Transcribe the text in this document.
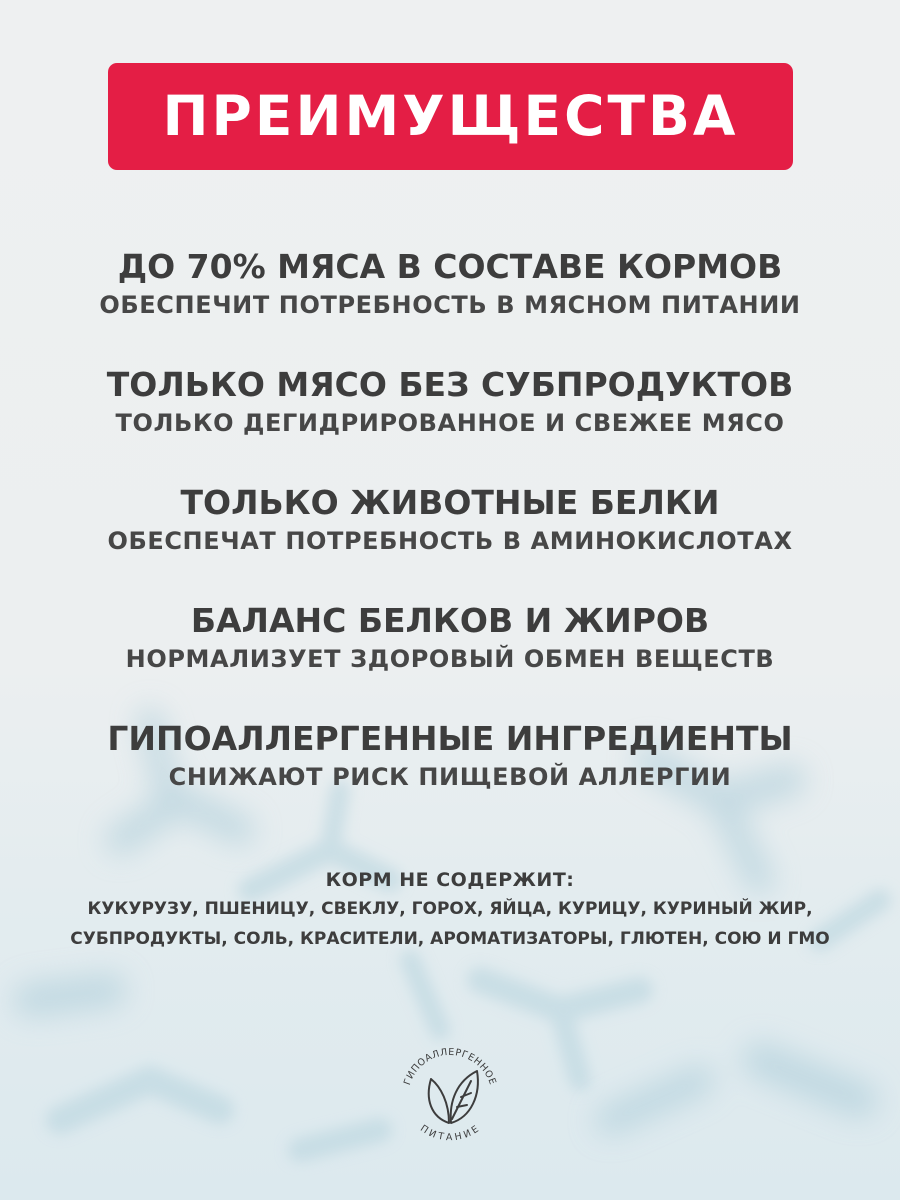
ПРЕИМУЩЕСТВА
ДО 70% МЯСА В СОСТАВЕ КОРМОВ
ОБЕСПЕЧИТ ПОТРЕБНОСТЬ В МЯСНОМ ПИТАНИИ
ТОЛЬКО МЯСО БЕЗ СУБПРОДУКТОВ
ТОЛЬКО ДЕГИДРИРОВАННОЕ И СВЕЖЕЕ МЯСО
ТОЛЬКО ЖИВОТНЫЕ БЕЛКИ
ОБЕСПЕЧАТ ПОТРЕБНОСТЬ В АМИНОКИСЛОТАХ
БАЛАНС БЕЛКОВ И ЖИРОВ
НОРМАЛИЗУЕТ ЗДОРОВЫЙ ОБМЕН ВЕЩЕСТВ
ГИПОАЛЛЕРГЕННЫЕ ИНГРЕДИЕНТЫ
СНИЖАЮТ РИСК ПИЩЕВОЙ АЛЛЕРГИИ
КОРМ НЕ СОДЕРЖИТ:
КУКУРУЗУ, ПШЕНИЦУ, СВЕКЛУ, ГОРОХ, ЯЙЦА, КУРИЦУ, КУРИНЫЙ ЖИР,
СУБПРОДУКТЫ, СОЛЬ, КРАСИТЕЛИ, АРОМАТИЗАТОРЫ, ГЛЮТЕН, СОЮ И ГМО
ГИПОАЛЛЕРГЕННОЕ
ПИТАНИЕ
